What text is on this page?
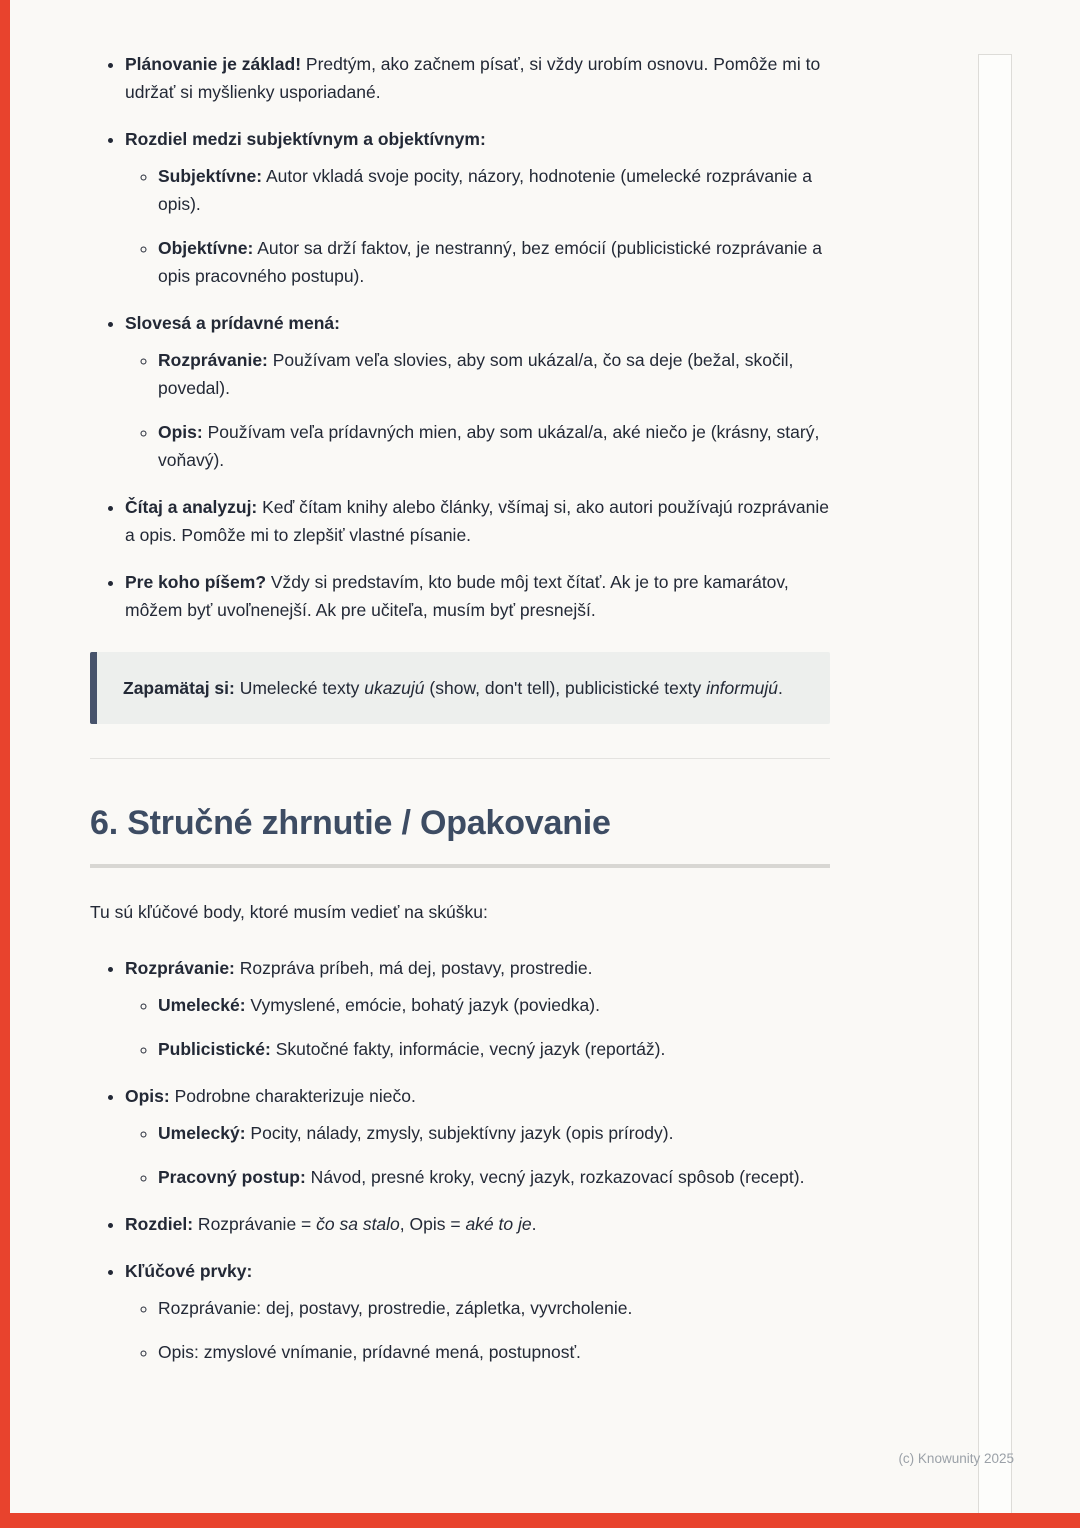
• Plánovanie je základ! Predtým, ako začnem písať, si vždy urobím osnovu. Pomôže mi to udržať si myšlienky usporiadané.
• Rozdiel medzi subjektívnym a objektívnym:
◦ Subjektívne: Autor vkladá svoje pocity, názory, hodnotenie (umelecké rozprávanie a opis).
◦ Objektívne: Autor sa drží faktov, je nestranný, bez emócií (publicistické rozprávanie a opis pracovného postupu).
• Slovesá a prídavné mená:
◦ Rozprávanie: Používam veľa slovies, aby som ukázal/a, čo sa deje (bežal, skočil, povedal).
◦ Opis: Používam veľa prídavných mien, aby som ukázal/a, aké niečo je (krásny, starý, voňavý).
• Čítaj a analyzuj: Keď čítam knihy alebo články, všímaj si, ako autori používajú rozprávanie a opis. Pomôže mi to zlepšiť vlastné písanie.
• Pre koho píšem? Vždy si predstavím, kto bude môj text čítať. Ak je to pre kamarátov, môžem byť uvoľnenejší. Ak pre učiteľa, musím byť presnejší.
Zapamätaj si: Umelecké texty ukazujú (show, don't tell), publicistické texty informujú.
6. Stručné zhrnutie / Opakovanie

Tu sú kľúčové body, ktoré musím vedieť na skúšku:

• Rozprávanie: Rozpráva príbeh, má dej, postavy, prostredie.
◦ Umelecké: Vymyslené, emócie, bohatý jazyk (poviedka).
◦ Publicistické: Skutočné fakty, informácie, vecný jazyk (reportáž).
• Opis: Podrobne charakterizuje niečo.
◦ Umelecký: Pocity, nálady, zmysly, subjektívny jazyk (opis prírody).
◦ Pracovný postup: Návod, presné kroky, vecný jazyk, rozkazovací spôsob (recept).
• Rozdiel: Rozprávanie = čo sa stalo, Opis = aké to je.
• Kľúčové prvky:
◦ Rozprávanie: dej, postavy, prostredie, zápletka, vyvrcholenie.
◦ Opis: zmyslové vnímanie, prídavné mená, postupnosť.
(c) Knowunity 2025
